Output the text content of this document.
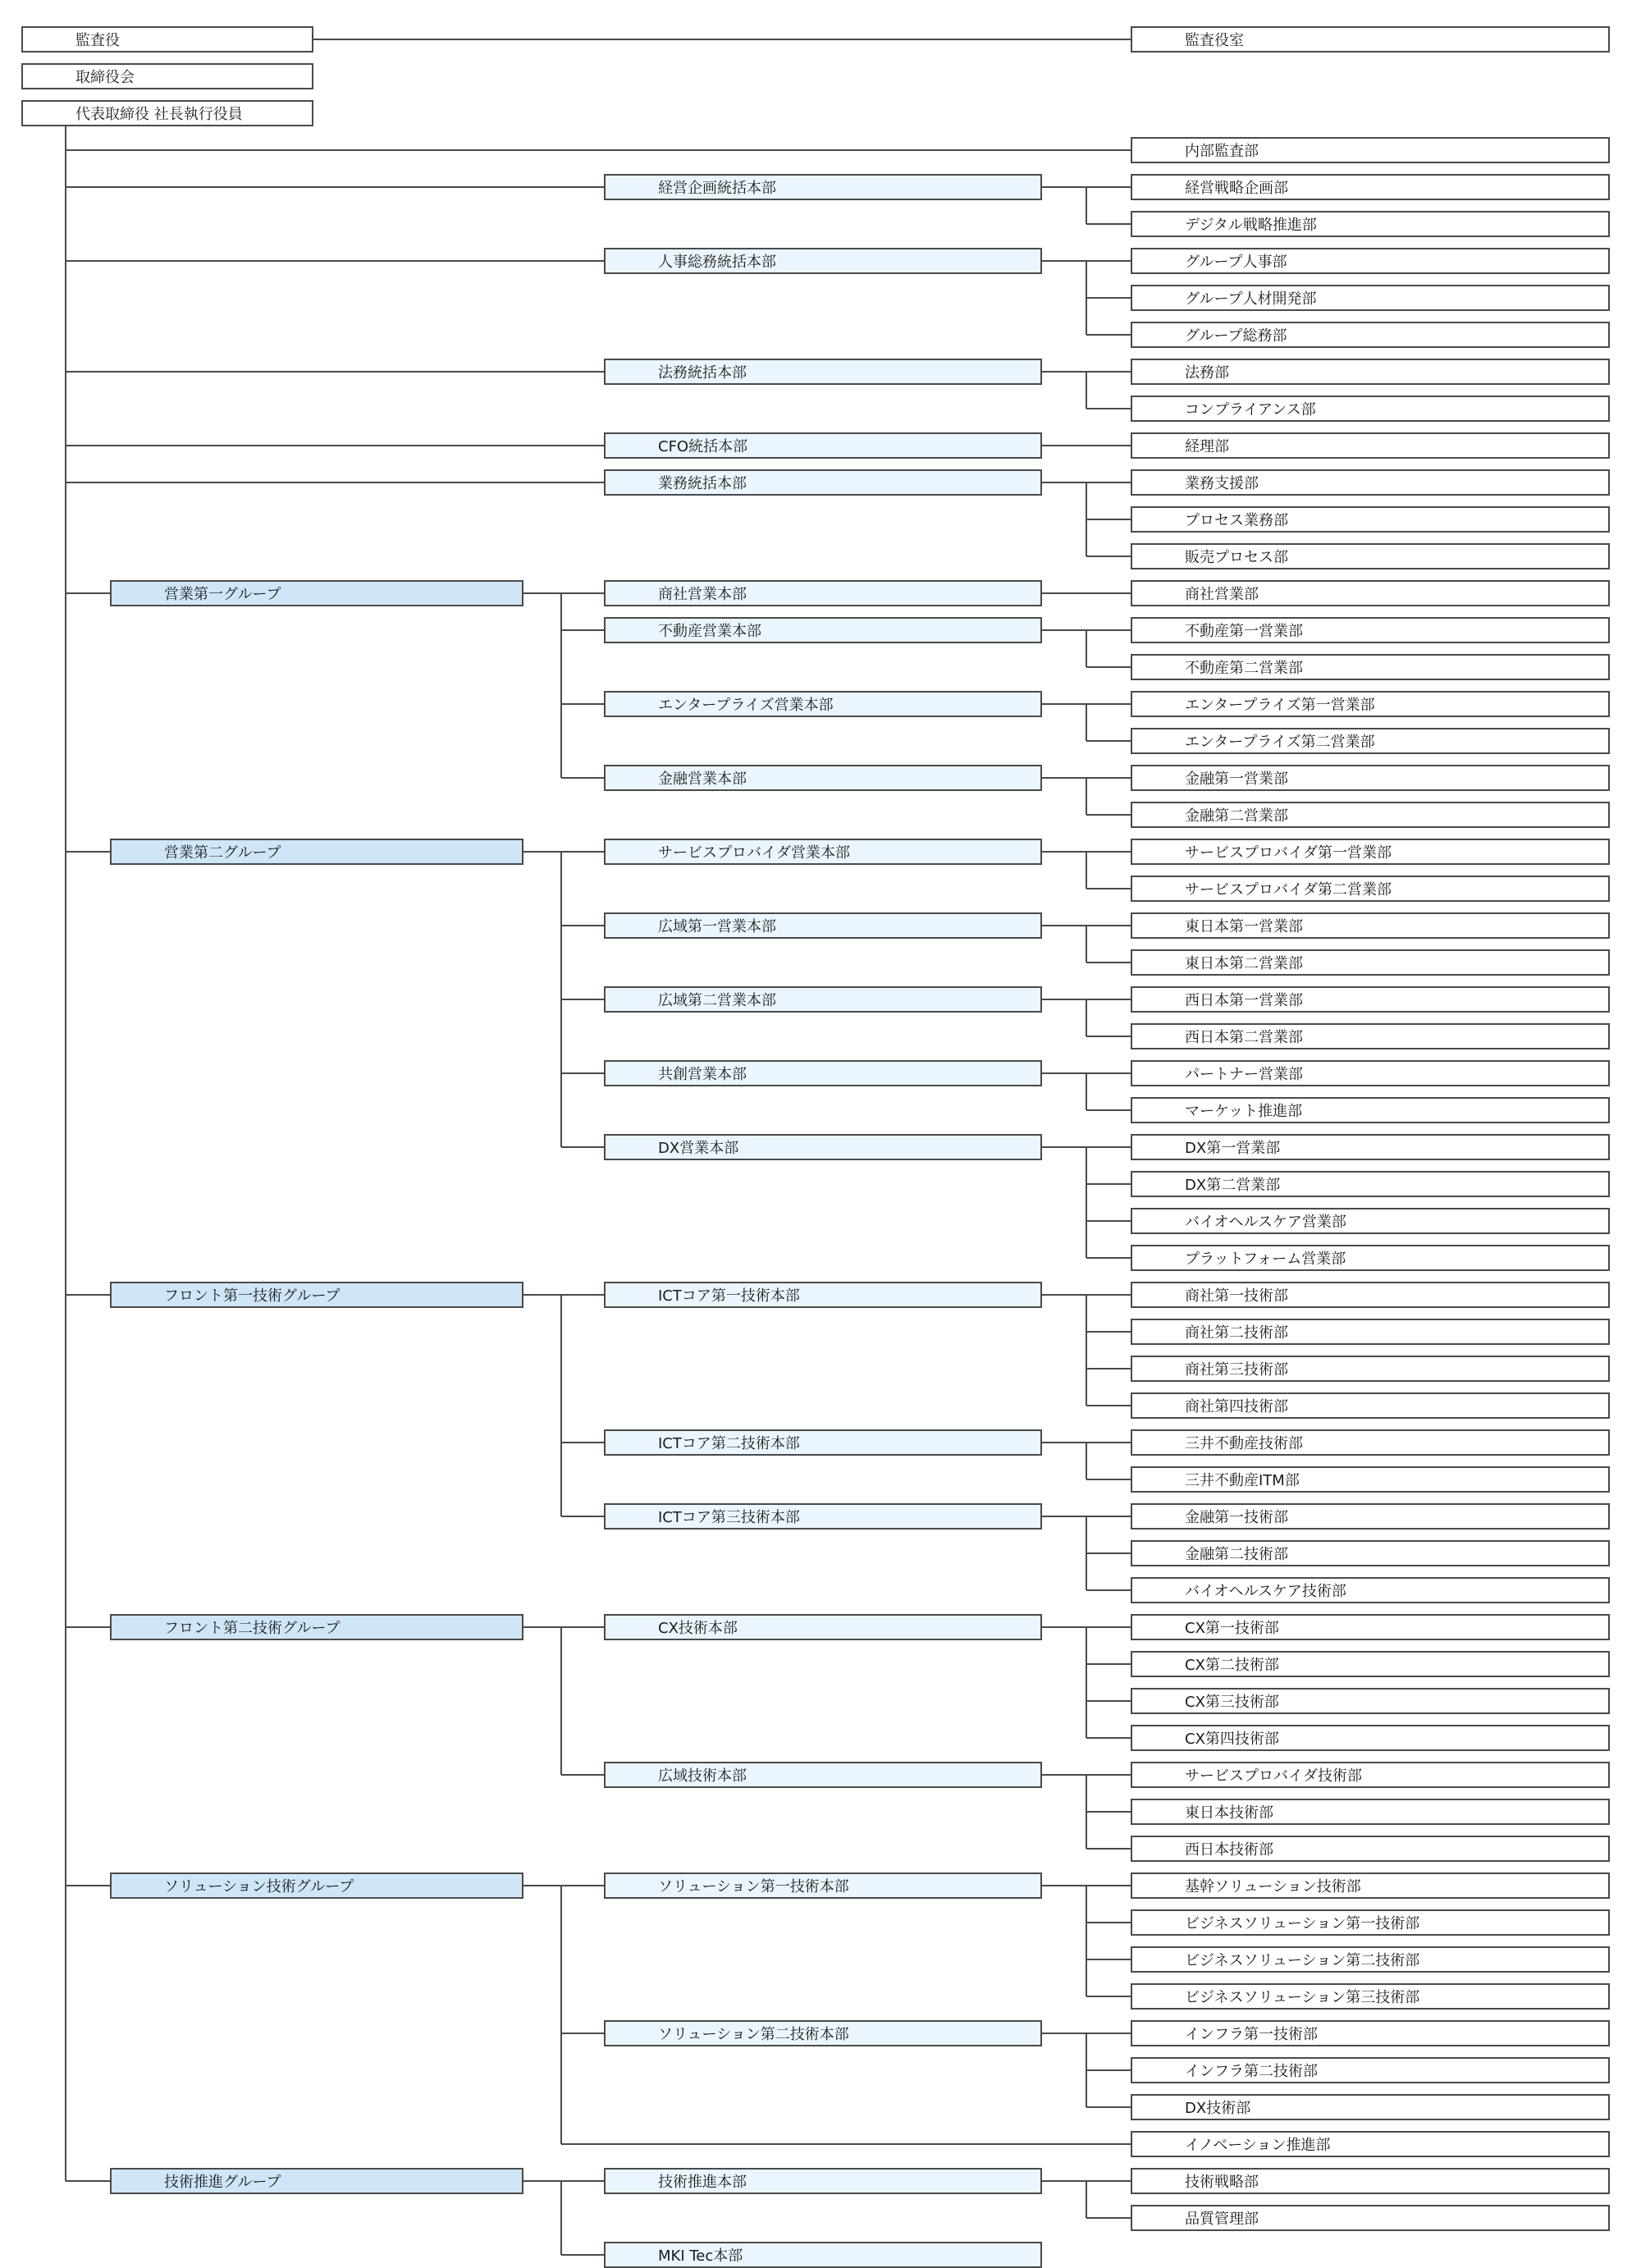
監査役
取締役会
代表取締役 社長執行役員
監査役室
内部監査部
経営企画統括本部	経営戦略企画部
デジタル戦略推進部
人事総務統括本部	グループ人事部
グループ人材開発部
グループ総務部
法務統括本部	法務部
コンプライアンス部
CFO統括本部	経理部
業務統括本部	業務支援部
プロセス業務部
販売プロセス部
営業第一グループ	商社営業本部	商社営業部
不動産営業本部	不動産第一営業部
不動産第二営業部
エンタープライズ営業本部	エンタープライズ第一営業部
エンタープライズ第二営業部
金融営業本部	金融第一営業部
金融第二営業部
営業第二グループ	サービスプロバイダ営業本部	サービスプロバイダ第一営業部
サービスプロバイダ第二営業部
広域第一営業本部	東日本第一営業部
東日本第二営業部
広域第二営業本部	西日本第一営業部
西日本第二営業部
共創営業本部	パートナー営業部
マーケット推進部
DX営業本部	DX第一営業部
DX第二営業部
バイオヘルスケア営業部
プラットフォーム営業部
フロント第一技術グループ	ICTコア第一技術本部	商社第一技術部
商社第二技術部
商社第三技術部
商社第四技術部
ICTコア第二技術本部	三井不動産技術部
三井不動産ITM部
ICTコア第三技術本部	金融第一技術部
金融第二技術部
バイオヘルスケア技術部
フロント第二技術グループ	CX技術本部	CX第一技術部
CX第二技術部
CX第三技術部
CX第四技術部
広域技術本部	サービスプロバイダ技術部
東日本技術部
西日本技術部
ソリューション技術グループ	ソリューション第一技術本部	基幹ソリューション技術部
ビジネスソリューション第一技術部
ビジネスソリューション第二技術部
ビジネスソリューション第三技術部
ソリューション第二技術本部	インフラ第一技術部
インフラ第二技術部
DX技術部
イノベーション推進部
技術推進グループ	技術推進本部	技術戦略部
品質管理部
MKI Tec本部
